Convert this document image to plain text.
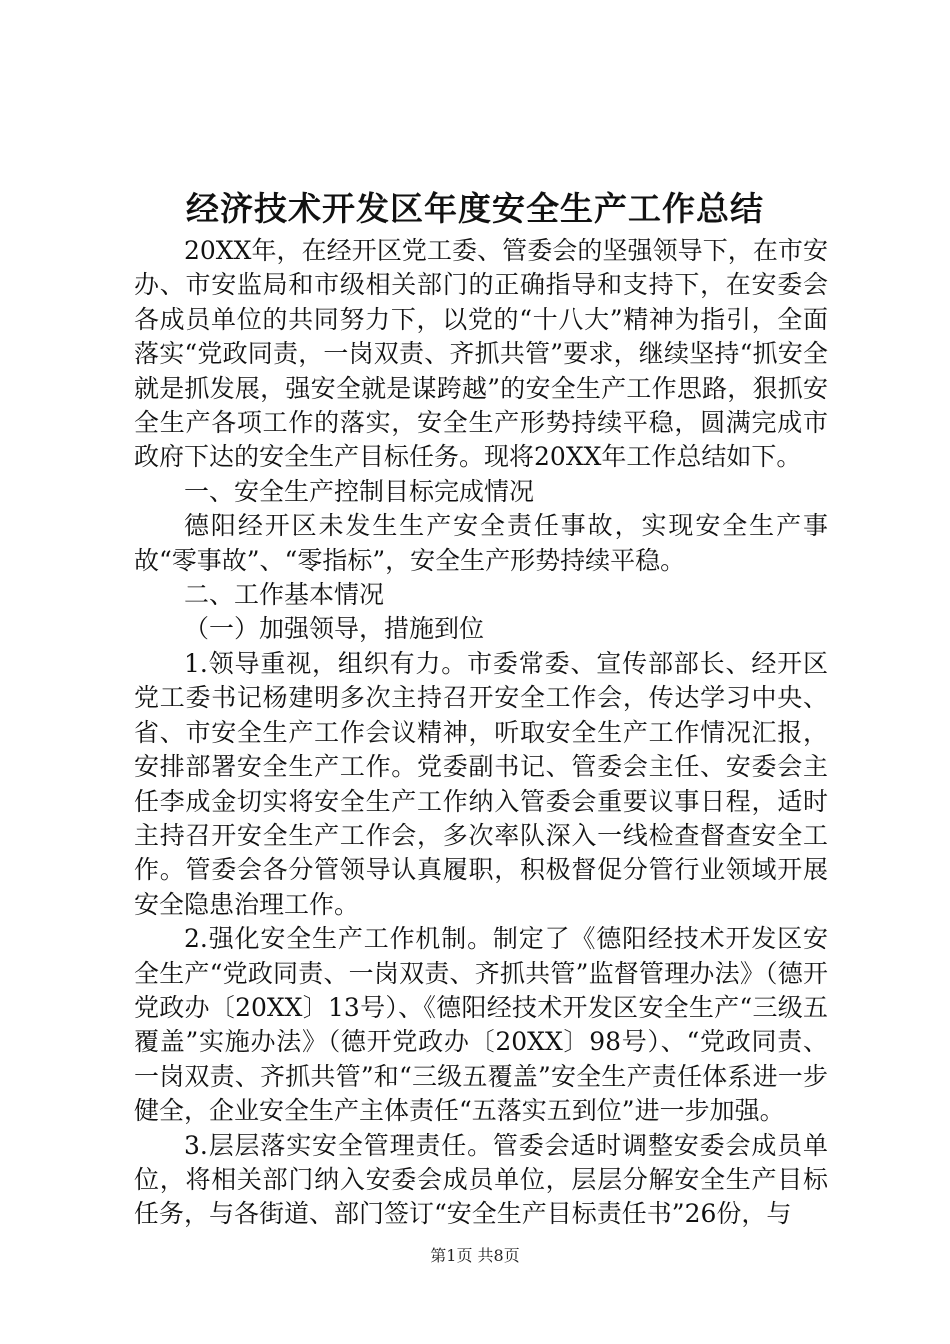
经济技术开发区年度安全生产工作总结

20XX年，在经开区党工委、管委会的坚强领导下，在市安办、市安监局和市级相关部门的正确指导和支持下，在安委会各成员单位的共同努力下，以党的“十八大”精神为指引，全面落实“党政同责，一岗双责、齐抓共管”要求，继续坚持“抓安全就是抓发展，强安全就是谋跨越”的安全生产工作思路，狠抓安全生产各项工作的落实，安全生产形势持续平稳，圆满完成市政府下达的安全生产目标任务。现将20XX年工作总结如下。

一、安全生产控制目标完成情况

德阳经开区未发生生产安全责任事故，实现安全生产事故“零事故”、“零指标”，安全生产形势持续平稳。

二、工作基本情况

（一）加强领导，措施到位

1.领导重视，组织有力。市委常委、宣传部部长、经开区党工委书记杨建明多次主持召开安全工作会，传达学习中央、省、市安全生产工作会议精神，听取安全生产工作情况汇报，安排部署安全生产工作。党委副书记、管委会主任、安委会主任李成金切实将安全生产工作纳入管委会重要议事日程，适时主持召开安全生产工作会，多次率队深入一线检查督查安全工作。管委会各分管领导认真履职，积极督促分管行业领域开展安全隐患治理工作。

2.强化安全生产工作机制。制定了《德阳经技术开发区安全生产“党政同责、一岗双责、齐抓共管”监督管理办法》（德开党政办〔20XX〕13号）、《德阳经技术开发区安全生产“三级五覆盖”实施办法》（德开党政办〔20XX〕98号）、“党政同责、一岗双责、齐抓共管”和“三级五覆盖”安全生产责任体系进一步健全，企业安全生产主体责任“五落实五到位”进一步加强。

3.层层落实安全管理责任。管委会适时调整安委会成员单位，将相关部门纳入安委会成员单位，层层分解安全生产目标任务，与各街道、部门签订“安全生产目标责任书”26份，与

第1页 共8页
